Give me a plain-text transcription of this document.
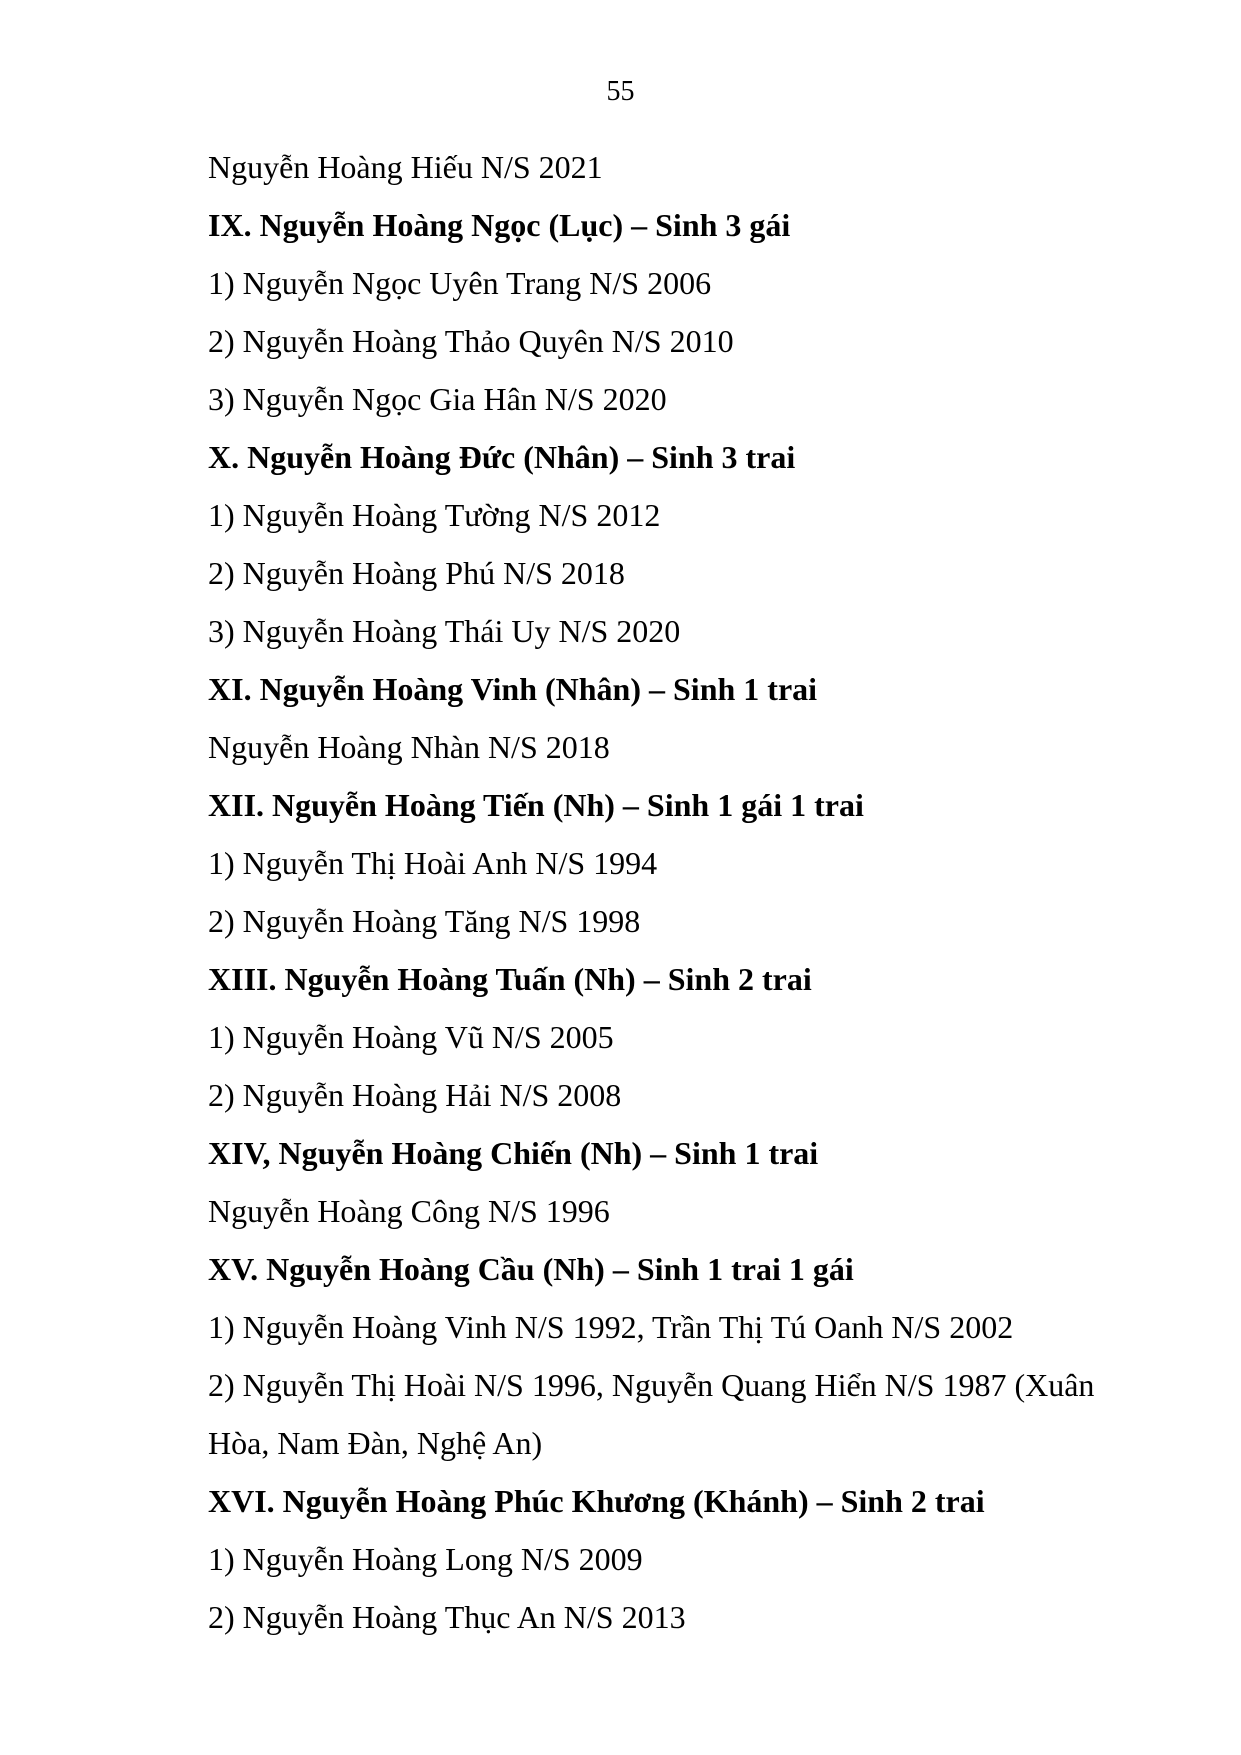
55
Nguyễn Hoàng Hiếu N/S 2021
IX. Nguyễn Hoàng Ngọc (Lục) – Sinh 3 gái
1) Nguyễn Ngọc Uyên Trang N/S 2006
2) Nguyễn Hoàng Thảo Quyên N/S 2010
3) Nguyễn Ngọc Gia Hân N/S 2020
X. Nguyễn Hoàng Đức (Nhân) – Sinh 3 trai
1) Nguyễn Hoàng Tường N/S 2012
2) Nguyễn Hoàng Phú N/S 2018
3) Nguyễn Hoàng Thái Uy N/S 2020
XI. Nguyễn Hoàng Vinh (Nhân) – Sinh 1 trai
Nguyễn Hoàng Nhàn N/S 2018
XII. Nguyễn Hoàng Tiến (Nh) – Sinh 1 gái 1 trai
1) Nguyễn Thị Hoài Anh N/S 1994
2) Nguyễn Hoàng Tăng N/S 1998
XIII. Nguyễn Hoàng Tuấn (Nh) – Sinh 2 trai
1) Nguyễn Hoàng Vũ N/S 2005
2) Nguyễn Hoàng Hải N/S 2008
XIV, Nguyễn Hoàng Chiến (Nh) – Sinh 1 trai
Nguyễn Hoàng Công N/S 1996
XV. Nguyễn Hoàng Cầu (Nh) – Sinh 1 trai 1 gái
1) Nguyễn Hoàng Vinh N/S 1992, Trần Thị Tú Oanh N/S 2002
2) Nguyễn Thị Hoài N/S 1996, Nguyễn Quang Hiển N/S 1987 (Xuân
Hòa, Nam Đàn, Nghệ An)
XVI. Nguyễn Hoàng Phúc Khương (Khánh) – Sinh 2 trai
1) Nguyễn Hoàng Long N/S 2009
2) Nguyễn Hoàng Thục An N/S 2013
